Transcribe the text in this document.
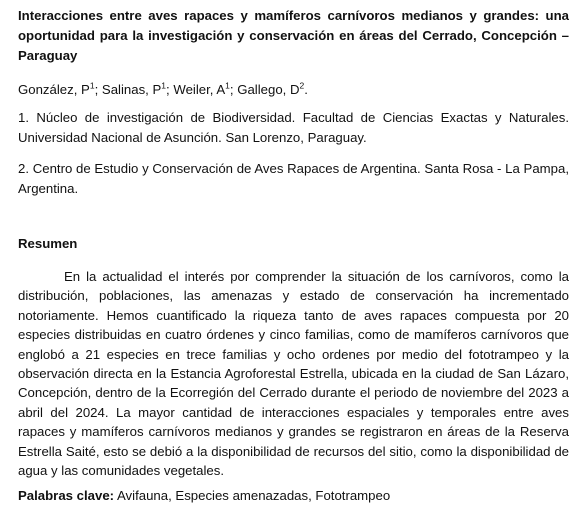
Interacciones entre aves rapaces y mamíferos carnívoros medianos y grandes: una oportunidad para la investigación y conservación en áreas del Cerrado, Concepción – Paraguay

González, $P^1$; Salinas, $P^1$; Weiler, $A^1$; Gallego, $D^2$.

1. Núcleo de investigación de Biodiversidad. Facultad de Ciencias Exactas y Naturales. Universidad Nacional de Asunción. San Lorenzo, Paraguay.

2. Centro de Estudio y Conservación de Aves Rapaces de Argentina. Santa Rosa - La Pampa, Argentina.

Resumen

En la actualidad el interés por comprender la situación de los carnívoros, como la distribución, poblaciones, las amenazas y estado de conservación ha incrementado notoriamente. Hemos cuantificado la riqueza tanto de aves rapaces compuesta por 20 especies distribuidas en cuatro órdenes y cinco familias, como de mamíferos carnívoros que englobó a 21 especies en trece familias y ocho ordenes por medio del fototrampeo y la observación directa en la Estancia Agroforestal Estrella, ubicada en la ciudad de San Lázaro, Concepción, dentro de la Ecorregión del Cerrado durante el periodo de noviembre del 2023 a abril del 2024. La mayor cantidad de interacciones espaciales y temporales entre aves rapaces y mamíferos carnívoros medianos y grandes se registraron en áreas de la Reserva Estrella Saité, esto se debió a la disponibilidad de recursos del sitio, como la disponibilidad de agua y las comunidades vegetales.

Palabras clave: Avifauna, Especies amenazadas, Fototrampeo
